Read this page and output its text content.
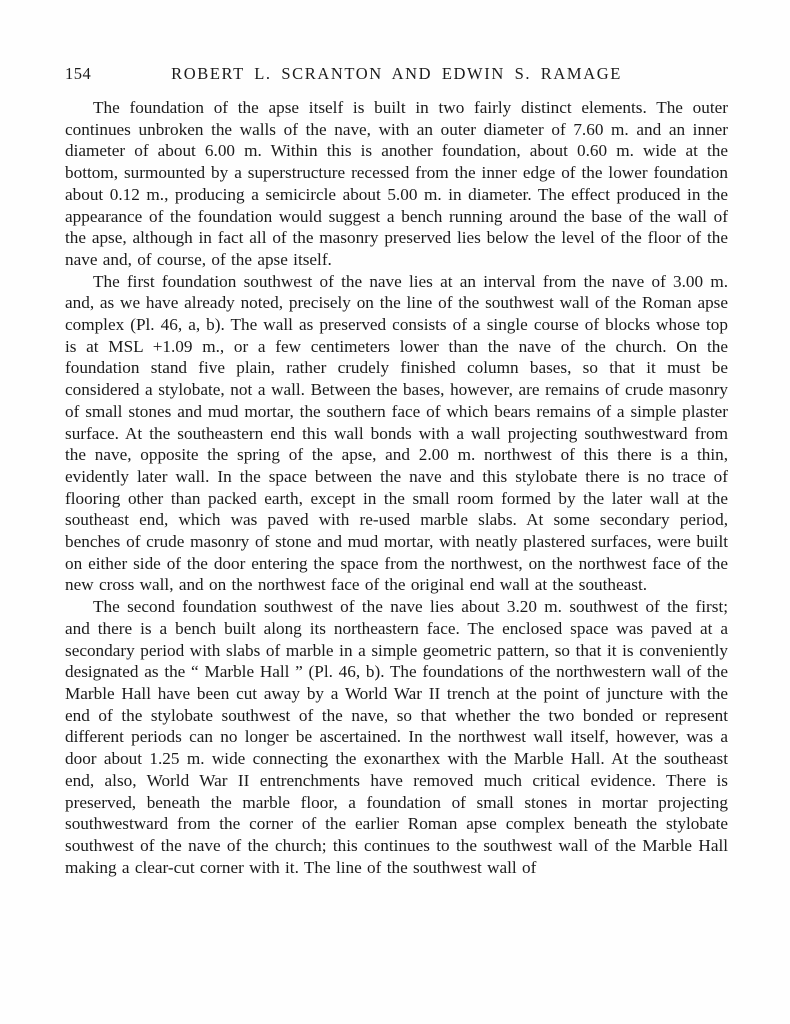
154	ROBERT L. SCRANTON AND EDWIN S. RAMAGE

The foundation of the apse itself is built in two fairly distinct elements. The outer continues unbroken the walls of the nave, with an outer diameter of 7.60 m. and an inner diameter of about 6.00 m. Within this is another foundation, about 0.60 m. wide at the bottom, surmounted by a superstructure recessed from the inner edge of the lower foundation about 0.12 m., producing a semicircle about 5.00 m. in diameter. The effect produced in the appearance of the foundation would suggest a bench running around the base of the wall of the apse, although in fact all of the masonry preserved lies below the level of the floor of the nave and, of course, of the apse itself.

The first foundation southwest of the nave lies at an interval from the nave of 3.00 m. and, as we have already noted, precisely on the line of the southwest wall of the Roman apse complex (Pl. 46, a, b). The wall as preserved consists of a single course of blocks whose top is at MSL +1.09 m., or a few centimeters lower than the nave of the church. On the foundation stand five plain, rather crudely finished column bases, so that it must be considered a stylobate, not a wall. Between the bases, however, are remains of crude masonry of small stones and mud mortar, the southern face of which bears remains of a simple plaster surface. At the southeastern end this wall bonds with a wall projecting southwestward from the nave, opposite the spring of the apse, and 2.00 m. northwest of this there is a thin, evidently later wall. In the space between the nave and this stylobate there is no trace of flooring other than packed earth, except in the small room formed by the later wall at the southeast end, which was paved with re-used marble slabs. At some secondary period, benches of crude masonry of stone and mud mortar, with neatly plastered surfaces, were built on either side of the door entering the space from the northwest, on the northwest face of the new cross wall, and on the northwest face of the original end wall at the southeast.

The second foundation southwest of the nave lies about 3.20 m. southwest of the first; and there is a bench built along its northeastern face. The enclosed space was paved at a secondary period with slabs of marble in a simple geometric pattern, so that it is conveniently designated as the “ Marble Hall ” (Pl. 46, b). The foundations of the northwestern wall of the Marble Hall have been cut away by a World War II trench at the point of juncture with the end of the stylobate southwest of the nave, so that whether the two bonded or represent different periods can no longer be ascertained. In the northwest wall itself, however, was a door about 1.25 m. wide connecting the exonarthex with the Marble Hall. At the southeast end, also, World War II entrenchments have removed much critical evidence. There is preserved, beneath the marble floor, a foundation of small stones in mortar projecting southwestward from the corner of the earlier Roman apse complex beneath the stylobate southwest of the nave of the church; this continues to the southwest wall of the Marble Hall making a clear-cut corner with it. The line of the southwest wall of
